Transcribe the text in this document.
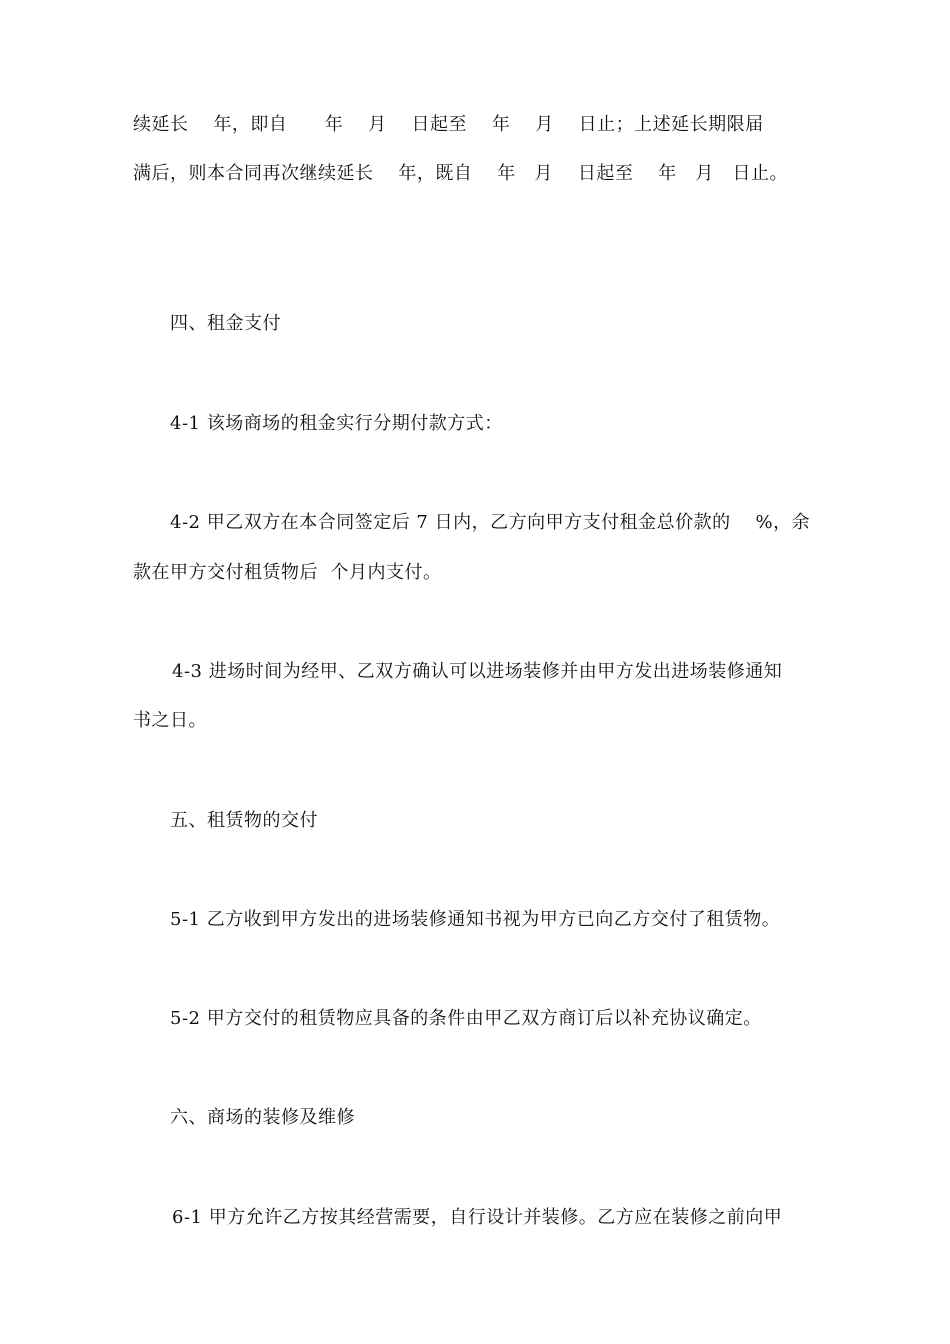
续延长    年，即自      年    月    日起至    年    月    日止；上述延长期限届
满后，则本合同再次继续延长    年，既自    年   月    日起至    年   月   日止。
四、租金支付
4-1 该场商场的租金实行分期付款方式：
4-2 甲乙双方在本合同签定后 7 日内，乙方向甲方支付租金总价款的    %，余
款在甲方交付租赁物后  个月内支付。
4-3 进场时间为经甲、乙双方确认可以进场装修并由甲方发出进场装修通知
书之日。
五、租赁物的交付
5-1 乙方收到甲方发出的进场装修通知书视为甲方已向乙方交付了租赁物。
5-2 甲方交付的租赁物应具备的条件由甲乙双方商订后以补充协议确定。
六、商场的装修及维修
6-1 甲方允许乙方按其经营需要，自行设计并装修。乙方应在装修之前向甲
